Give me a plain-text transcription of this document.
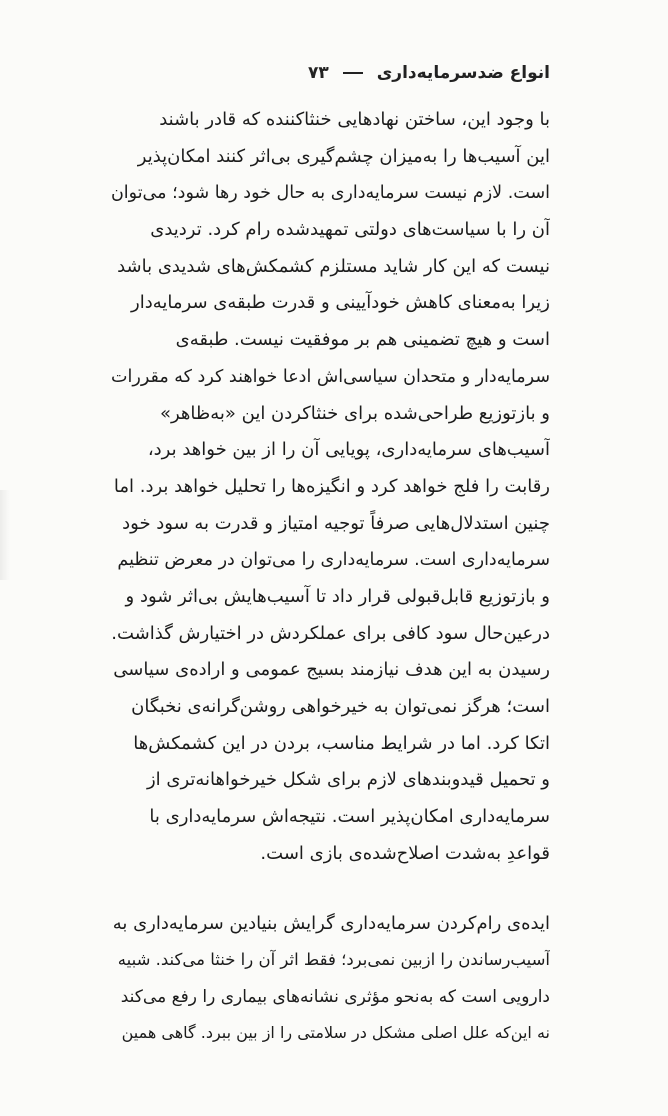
انواع ضدسرمایه‌داری
۷۳
با وجود این، ساختن نهادهایی خنثاکننده که قادر باشند
این آسیب‌ها را به‌میزان چشم‌گیری بی‌اثر کنند امکان‌پذیر
است. لازم نیست سرمایه‌داری به حال خود رها شود؛ می‌توان
آن را با سیاست‌های دولتی تمهیدشده رام کرد. تردیدی
نیست که این کار شاید مستلزم کشمکش‌های شدیدی باشد
زیرا به‌معنای کاهش خودآیینی و قدرت طبقه‌ی سرمایه‌دار
است و هیچ تضمینی هم بر موفقیت نیست. طبقه‌ی
سرمایه‌دار و متحدان سیاسی‌اش ادعا خواهند کرد که مقررات
و بازتوزیع طراحی‌شده برای خنثاکردن این «به‌ظاهر»
آسیب‌های سرمایه‌داری، پویایی آن را از بین خواهد برد،
رقابت را فلج خواهد کرد و انگیزه‌ها را تحلیل خواهد برد. اما
چنین استدلال‌هایی صرفاً توجیه امتیاز و قدرت به سود خود
سرمایه‌داری است. سرمایه‌داری را می‌توان در معرض تنظیم
و بازتوزیع قابل‌قبولی قرار داد تا آسیب‌هایش بی‌اثر شود و
درعین‌حال سود کافی برای عملکردش در اختیارش گذاشت.
رسیدن به این هدف نیازمند بسیج عمومی و اراده‌ی سیاسی
است؛ هرگز نمی‌توان به خیرخواهی روشن‌گرانه‌ی نخبگان
اتکا کرد. اما در شرایط مناسب، بردن در این کشمکش‌ها
و تحمیل قیدوبندهای لازم برای شکل خیرخواهانه‌تری از
سرمایه‌داری امکان‌پذیر است. نتیجه‌اش سرمایه‌داری با
قواعدِ به‌شدت اصلاح‌شده‌ی بازی است.
ایده‌ی رام‌کردن سرمایه‌داری گرایش بنیادین سرمایه‌داری به
آسیب‌رساندن را ازبین نمی‌برد؛ فقط اثر آن را خنثا می‌کند. شبیه
دارویی است که به‌نحو مؤثری نشانه‌های بیماری را رفع می‌کند
نه این‌که علل اصلی مشکل در سلامتی را از بین ببرد. گاهی همین
